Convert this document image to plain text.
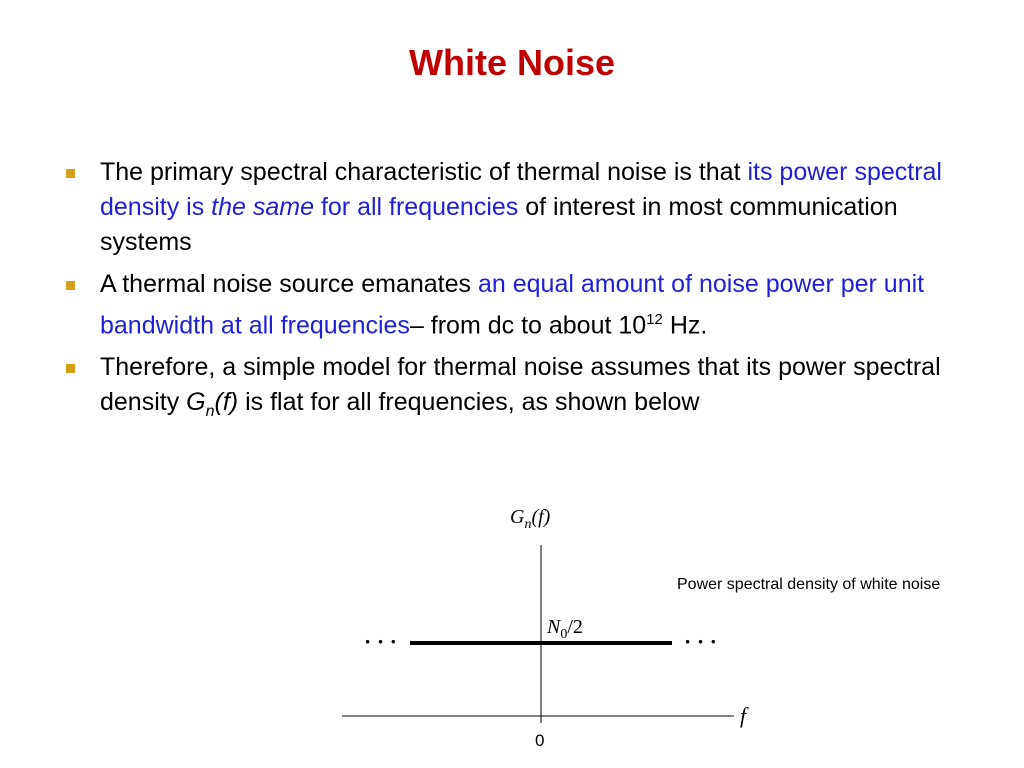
White Noise
The primary spectral characteristic of thermal noise is that its power spectral density is the same for all frequencies of interest in most communication systems
A thermal noise source emanates an equal amount of noise power per unit bandwidth at all frequencies– from dc to about $10^{12}$ Hz.
Therefore, a simple model for thermal noise assumes that its power spectral density $G_n(f)$ is flat for all frequencies, as shown below
$G_n(f)$
$N_0/2$
· · ·	· · ·
f
0
Power spectral density of white noise
